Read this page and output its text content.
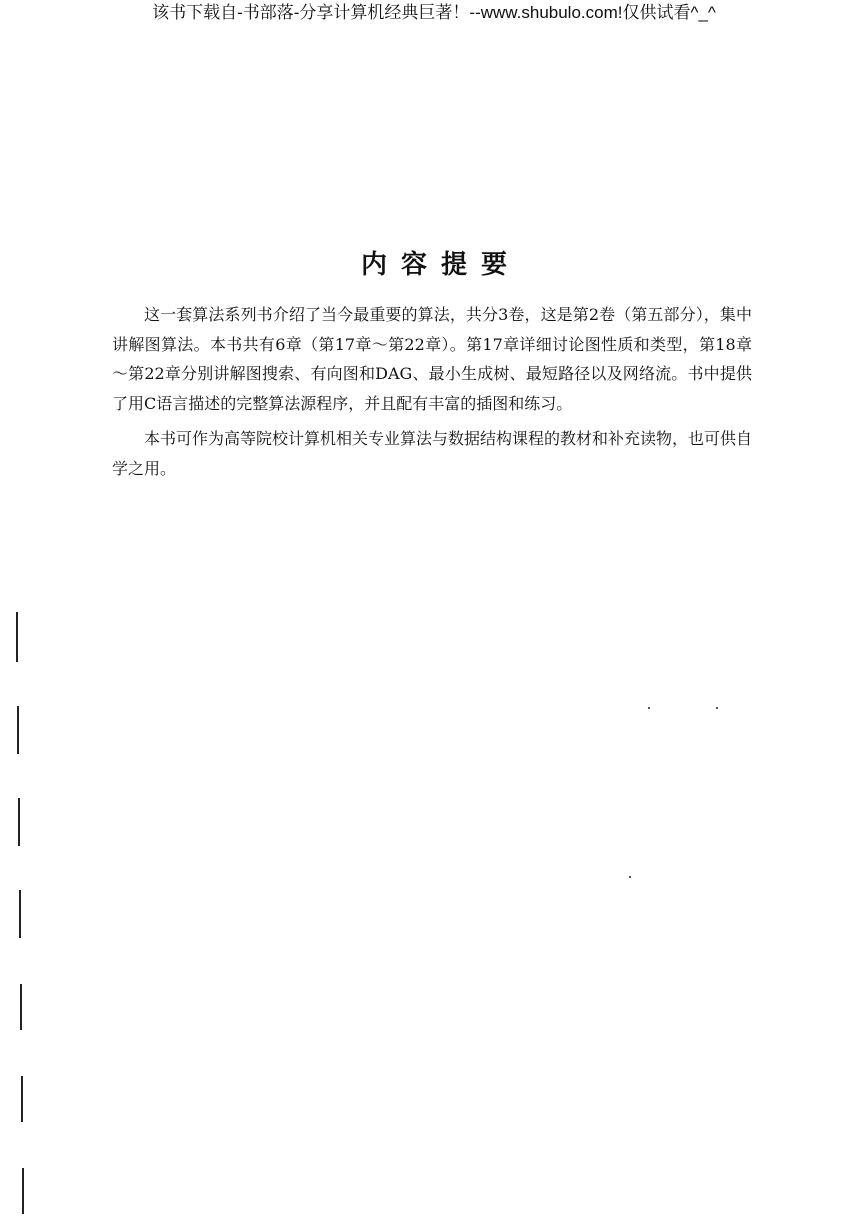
该书下载自-书部落-分享计算机经典巨著！--www.shubulo.com!仅供试看^_^
内容提要

这一套算法系列书介绍了当今最重要的算法，共分3卷，这是第2卷（第五部分），集中讲解图算法。本书共有6章（第17章～第22章）。第17章详细讨论图性质和类型，第18章～第22章分别讲解图搜索、有向图和DAG、最小生成树、最短路径以及网络流。书中提供了用C语言描述的完整算法源程序，并且配有丰富的插图和练习。

本书可作为高等院校计算机相关专业算法与数据结构课程的教材和补充读物，也可供自学之用。
